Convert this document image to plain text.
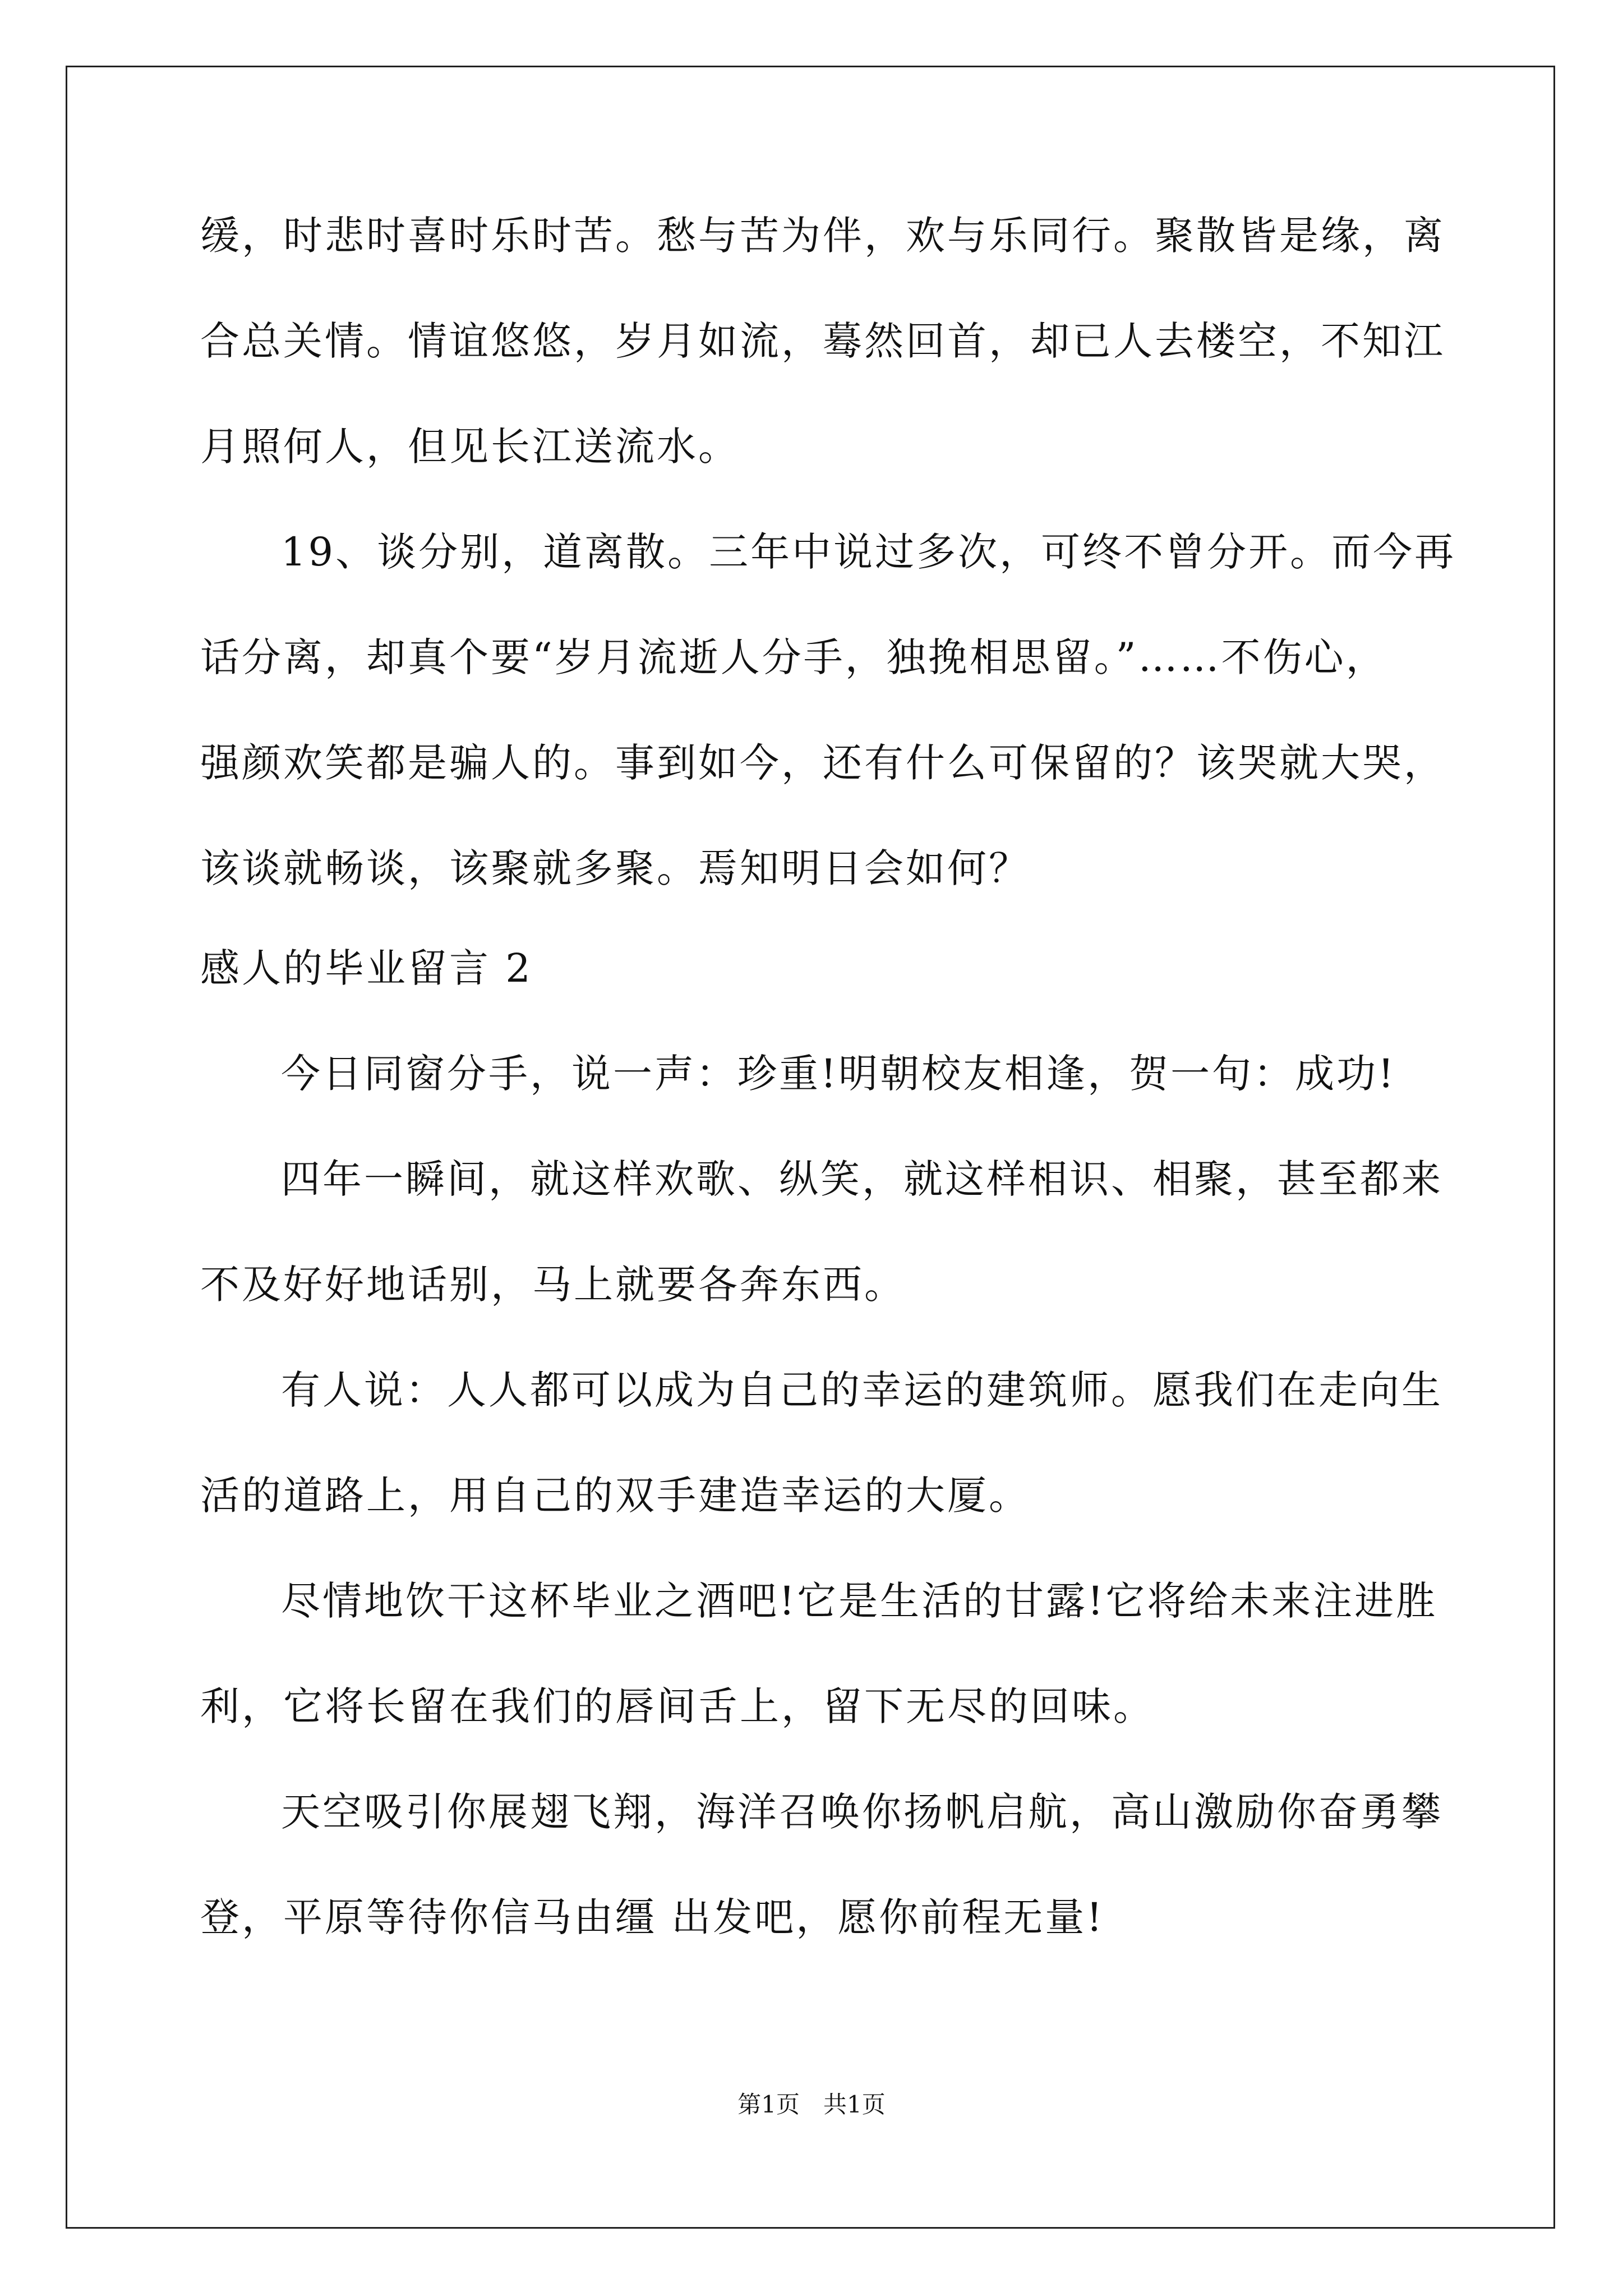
缓，时悲时喜时乐时苦。愁与苦为伴，欢与乐同行。聚散皆是缘，离
合总关情。情谊悠悠，岁月如流，蓦然回首，却已人去楼空，不知江
月照何人，但见长江送流水。
19、谈分别，道离散。三年中说过多次，可终不曾分开。而今再
话分离，却真个要“岁月流逝人分手，独挽相思留。”……不伤心，
强颜欢笑都是骗人的。事到如今，还有什么可保留的？该哭就大哭，
该谈就畅谈，该聚就多聚。焉知明日会如何？
感人的毕业留言 2
今日同窗分手，说一声：珍重!明朝校友相逢，贺一句：成功!
四年一瞬间，就这样欢歌、纵笑，就这样相识、相聚，甚至都来
不及好好地话别，马上就要各奔东西。
有人说：人人都可以成为自己的幸运的建筑师。愿我们在走向生
活的道路上，用自己的双手建造幸运的大厦。
尽情地饮干这杯毕业之酒吧!它是生活的甘露!它将给未来注进胜
利，它将长留在我们的唇间舌上，留下无尽的回味。
天空吸引你展翅飞翔，海洋召唤你扬帆启航，高山激励你奋勇攀
登，平原等待你信马由缰 出发吧，愿你前程无量!
第1页　共1页
